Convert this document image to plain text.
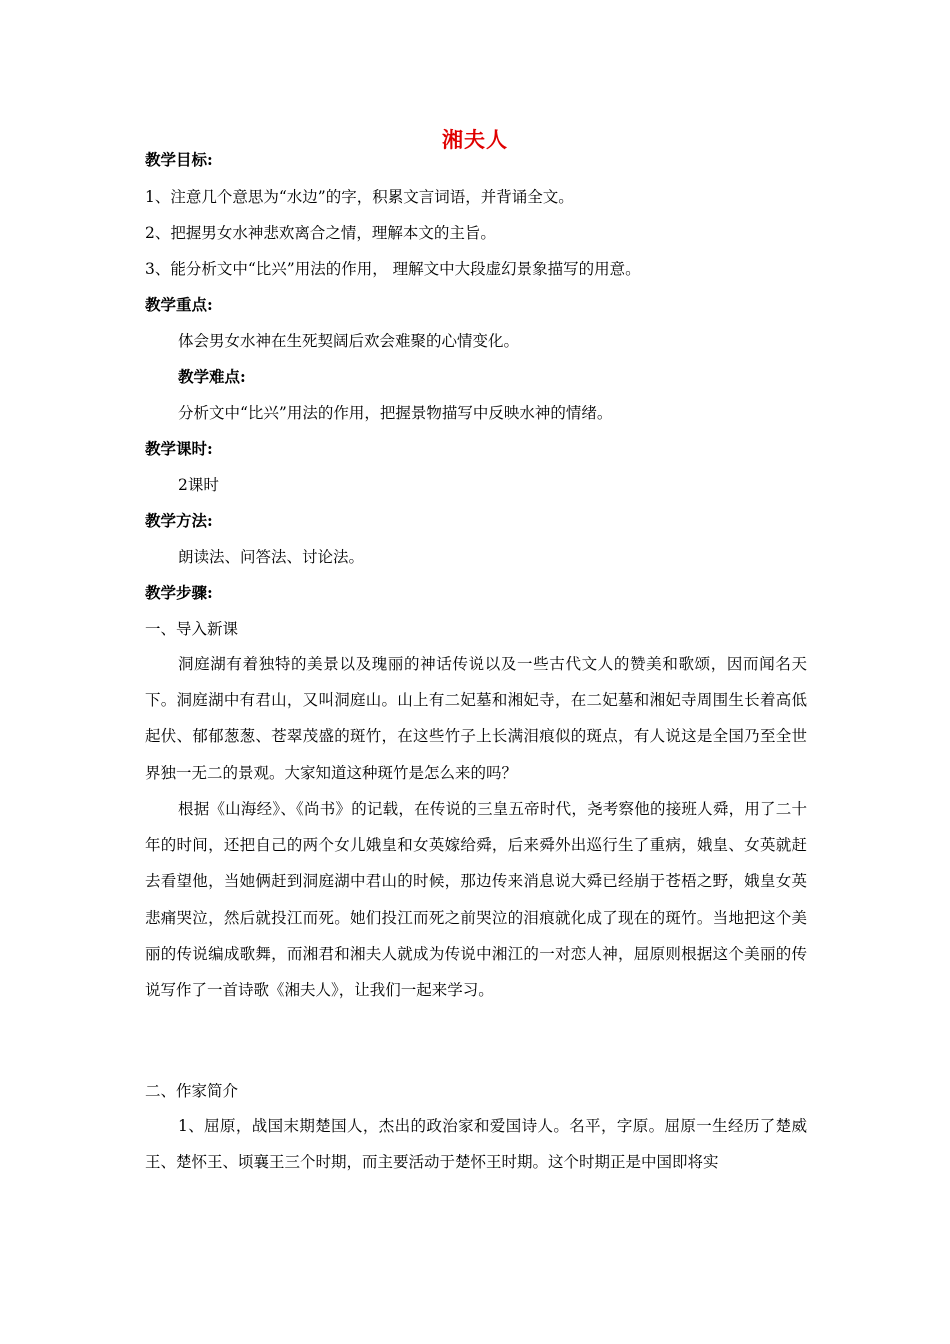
湘夫人
教学目标:
1、注意几个意思为“水边”的字，积累文言词语，并背诵全文。
2、把握男女水神悲欢离合之情，理解本文的主旨。
3、能分析文中“比兴”用法的作用， 理解文中大段虚幻景象描写的用意。
教学重点:
体会男女水神在生死契阔后欢会难聚的心情变化。
教学难点:
分析文中“比兴”用法的作用，把握景物描写中反映水神的情绪。
教学课时:
2课时
教学方法:
朗读法、问答法、讨论法。
教学步骤:
一、导入新课
洞庭湖有着独特的美景以及瑰丽的神话传说以及一些古代文人的赞美和歌颂，因而闻名天下。洞庭湖中有君山，又叫洞庭山。山上有二妃墓和湘妃寺，在二妃墓和湘妃寺周围生长着高低起伏、郁郁葱葱、苍翠茂盛的斑竹，在这些竹子上长满泪痕似的斑点，有人说这是全国乃至全世界独一无二的景观。大家知道这种斑竹是怎么来的吗？
根据《山海经》、《尚书》的记载，在传说的三皇五帝时代，尧考察他的接班人舜，用了二十年的时间，还把自己的两个女儿娥皇和女英嫁给舜，后来舜外出巡行生了重病，娥皇、女英就赶去看望他，当她俩赶到洞庭湖中君山的时候，那边传来消息说大舜已经崩于苍梧之野，娥皇女英悲痛哭泣，然后就投江而死。她们投江而死之前哭泣的泪痕就化成了现在的斑竹。当地把这个美丽的传说编成歌舞，而湘君和湘夫人就成为传说中湘江的一对恋人神，屈原则根据这个美丽的传说写作了一首诗歌《湘夫人》，让我们一起来学习。
二、作家简介
1、屈原，战国末期楚国人，杰出的政治家和爱国诗人。名平，字原。屈原一生经历了楚威王、楚怀王、顷襄王三个时期，而主要活动于楚怀王时期。这个时期正是中国即将实
